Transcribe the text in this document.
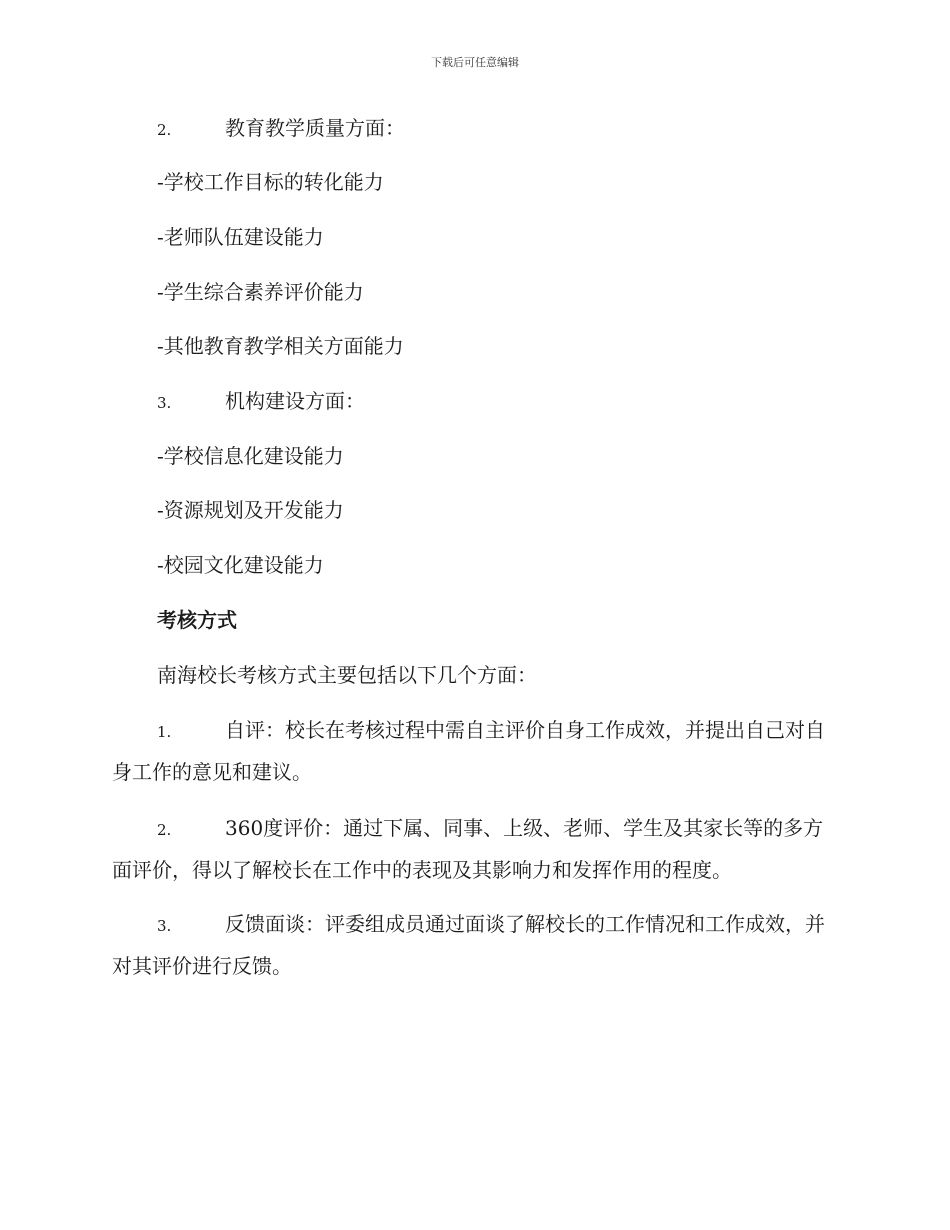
下载后可任意编辑
2.	教育教学质量方面：
-学校工作目标的转化能力
-老师队伍建设能力
-学生综合素养评价能力
-其他教育教学相关方面能力
3.	机构建设方面：
-学校信息化建设能力
-资源规划及开发能力
-校园文化建设能力
考核方式
南海校长考核方式主要包括以下几个方面：
1.	自评：校长在考核过程中需自主评价自身工作成效，并提出自己对自身工作的意见和建议。
2.	360度评价：通过下属、同事、上级、老师、学生及其家长等的多方面评价，得以了解校长在工作中的表现及其影响力和发挥作用的程度。
3.	反馈面谈：评委组成员通过面谈了解校长的工作情况和工作成效，并对其评价进行反馈。
